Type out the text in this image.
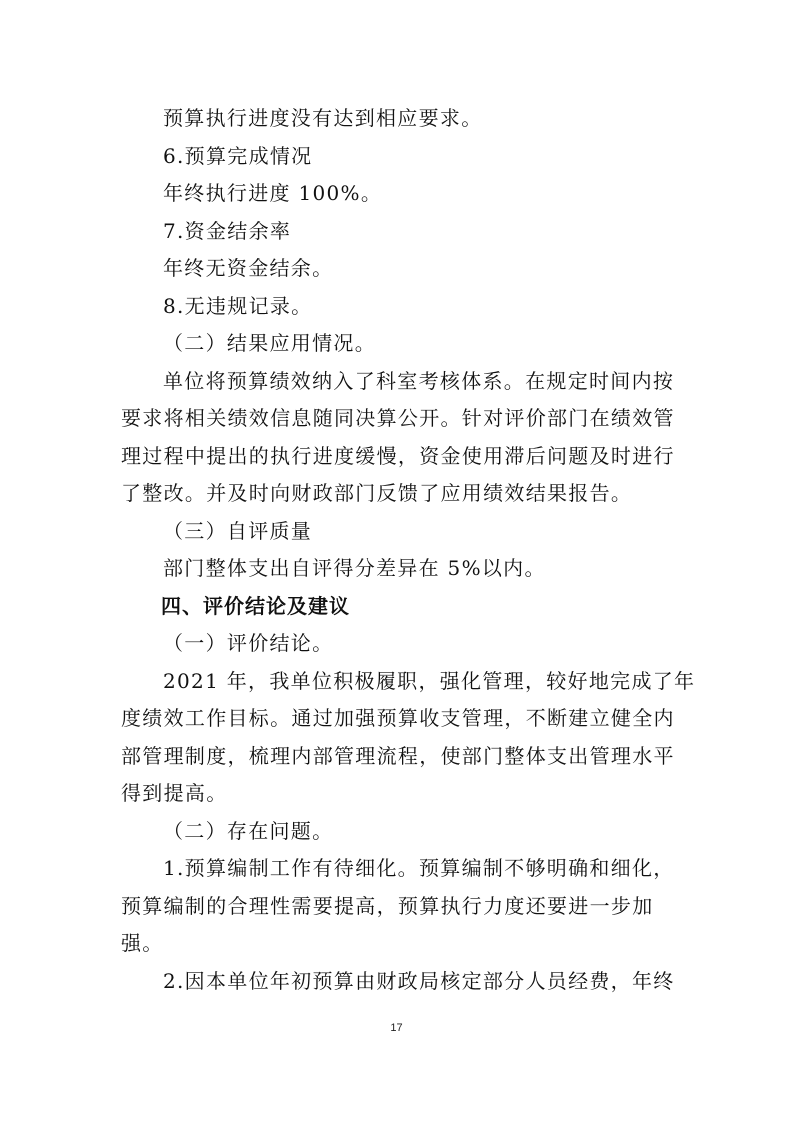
预算执行进度没有达到相应要求。
6.预算完成情况
年终执行进度 100%。
7.资金结余率
年终无资金结余。
8.无违规记录。
（二）结果应用情况。
单位将预算绩效纳入了科室考核体系。在规定时间内按
要求将相关绩效信息随同决算公开。针对评价部门在绩效管
理过程中提出的执行进度缓慢，资金使用滞后问题及时进行
了整改。并及时向财政部门反馈了应用绩效结果报告。
（三）自评质量
部门整体支出自评得分差异在 5%以内。
四、评价结论及建议
（一）评价结论。
2021 年，我单位积极履职，强化管理，较好地完成了年
度绩效工作目标。通过加强预算收支管理，不断建立健全内
部管理制度，梳理内部管理流程，使部门整体支出管理水平
得到提高。
（二）存在问题。
1.预算编制工作有待细化。预算编制不够明确和细化，
预算编制的合理性需要提高，预算执行力度还要进一步加
强。
2.因本单位年初预算由财政局核定部分人员经费，年终
17
